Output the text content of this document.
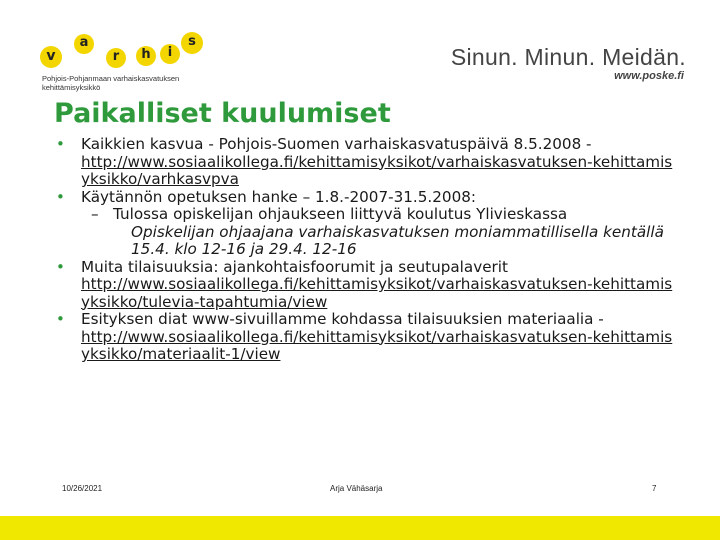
v
a
r	h	i
s
Pohjois-Pohjanmaan varhaiskasvatuksen
kehittämisyksikkö
Sinun. Minun. Meidän.
www.poske.fi
Paikalliset kuulumiset
• Kaikkien kasvua - Pohjois-Suomen varhaiskasvatuspäivä 8.5.2008 -
http://www.sosiaalikollega.fi/kehittamisyksikot/varhaiskasvatuksen-kehittamisyksikko/varhkasvpva
• Käytännön opetuksen hanke – 1.8.-2007-31.5.2008:
– Tulossa opiskelijan ohjaukseen liittyvä koulutus Ylivieskassa
Opiskelijan ohjaajana varhaiskasvatuksen moniammatillisella kentällä 15.4. klo 12-16 ja 29.4. 12-16
• Muita tilaisuuksia: ajankohtaisfoorumit ja seutupalaverit
http://www.sosiaalikollega.fi/kehittamisyksikot/varhaiskasvatuksen-kehittamisyksikko/tulevia-tapahtumia/view
• Esityksen diat www-sivuillamme kohdassa tilaisuuksien materiaalia -
http://www.sosiaalikollega.fi/kehittamisyksikot/varhaiskasvatuksen-kehittamisyksikko/materiaalit-1/view
10/26/2021	Arja Vähäsarja	7
